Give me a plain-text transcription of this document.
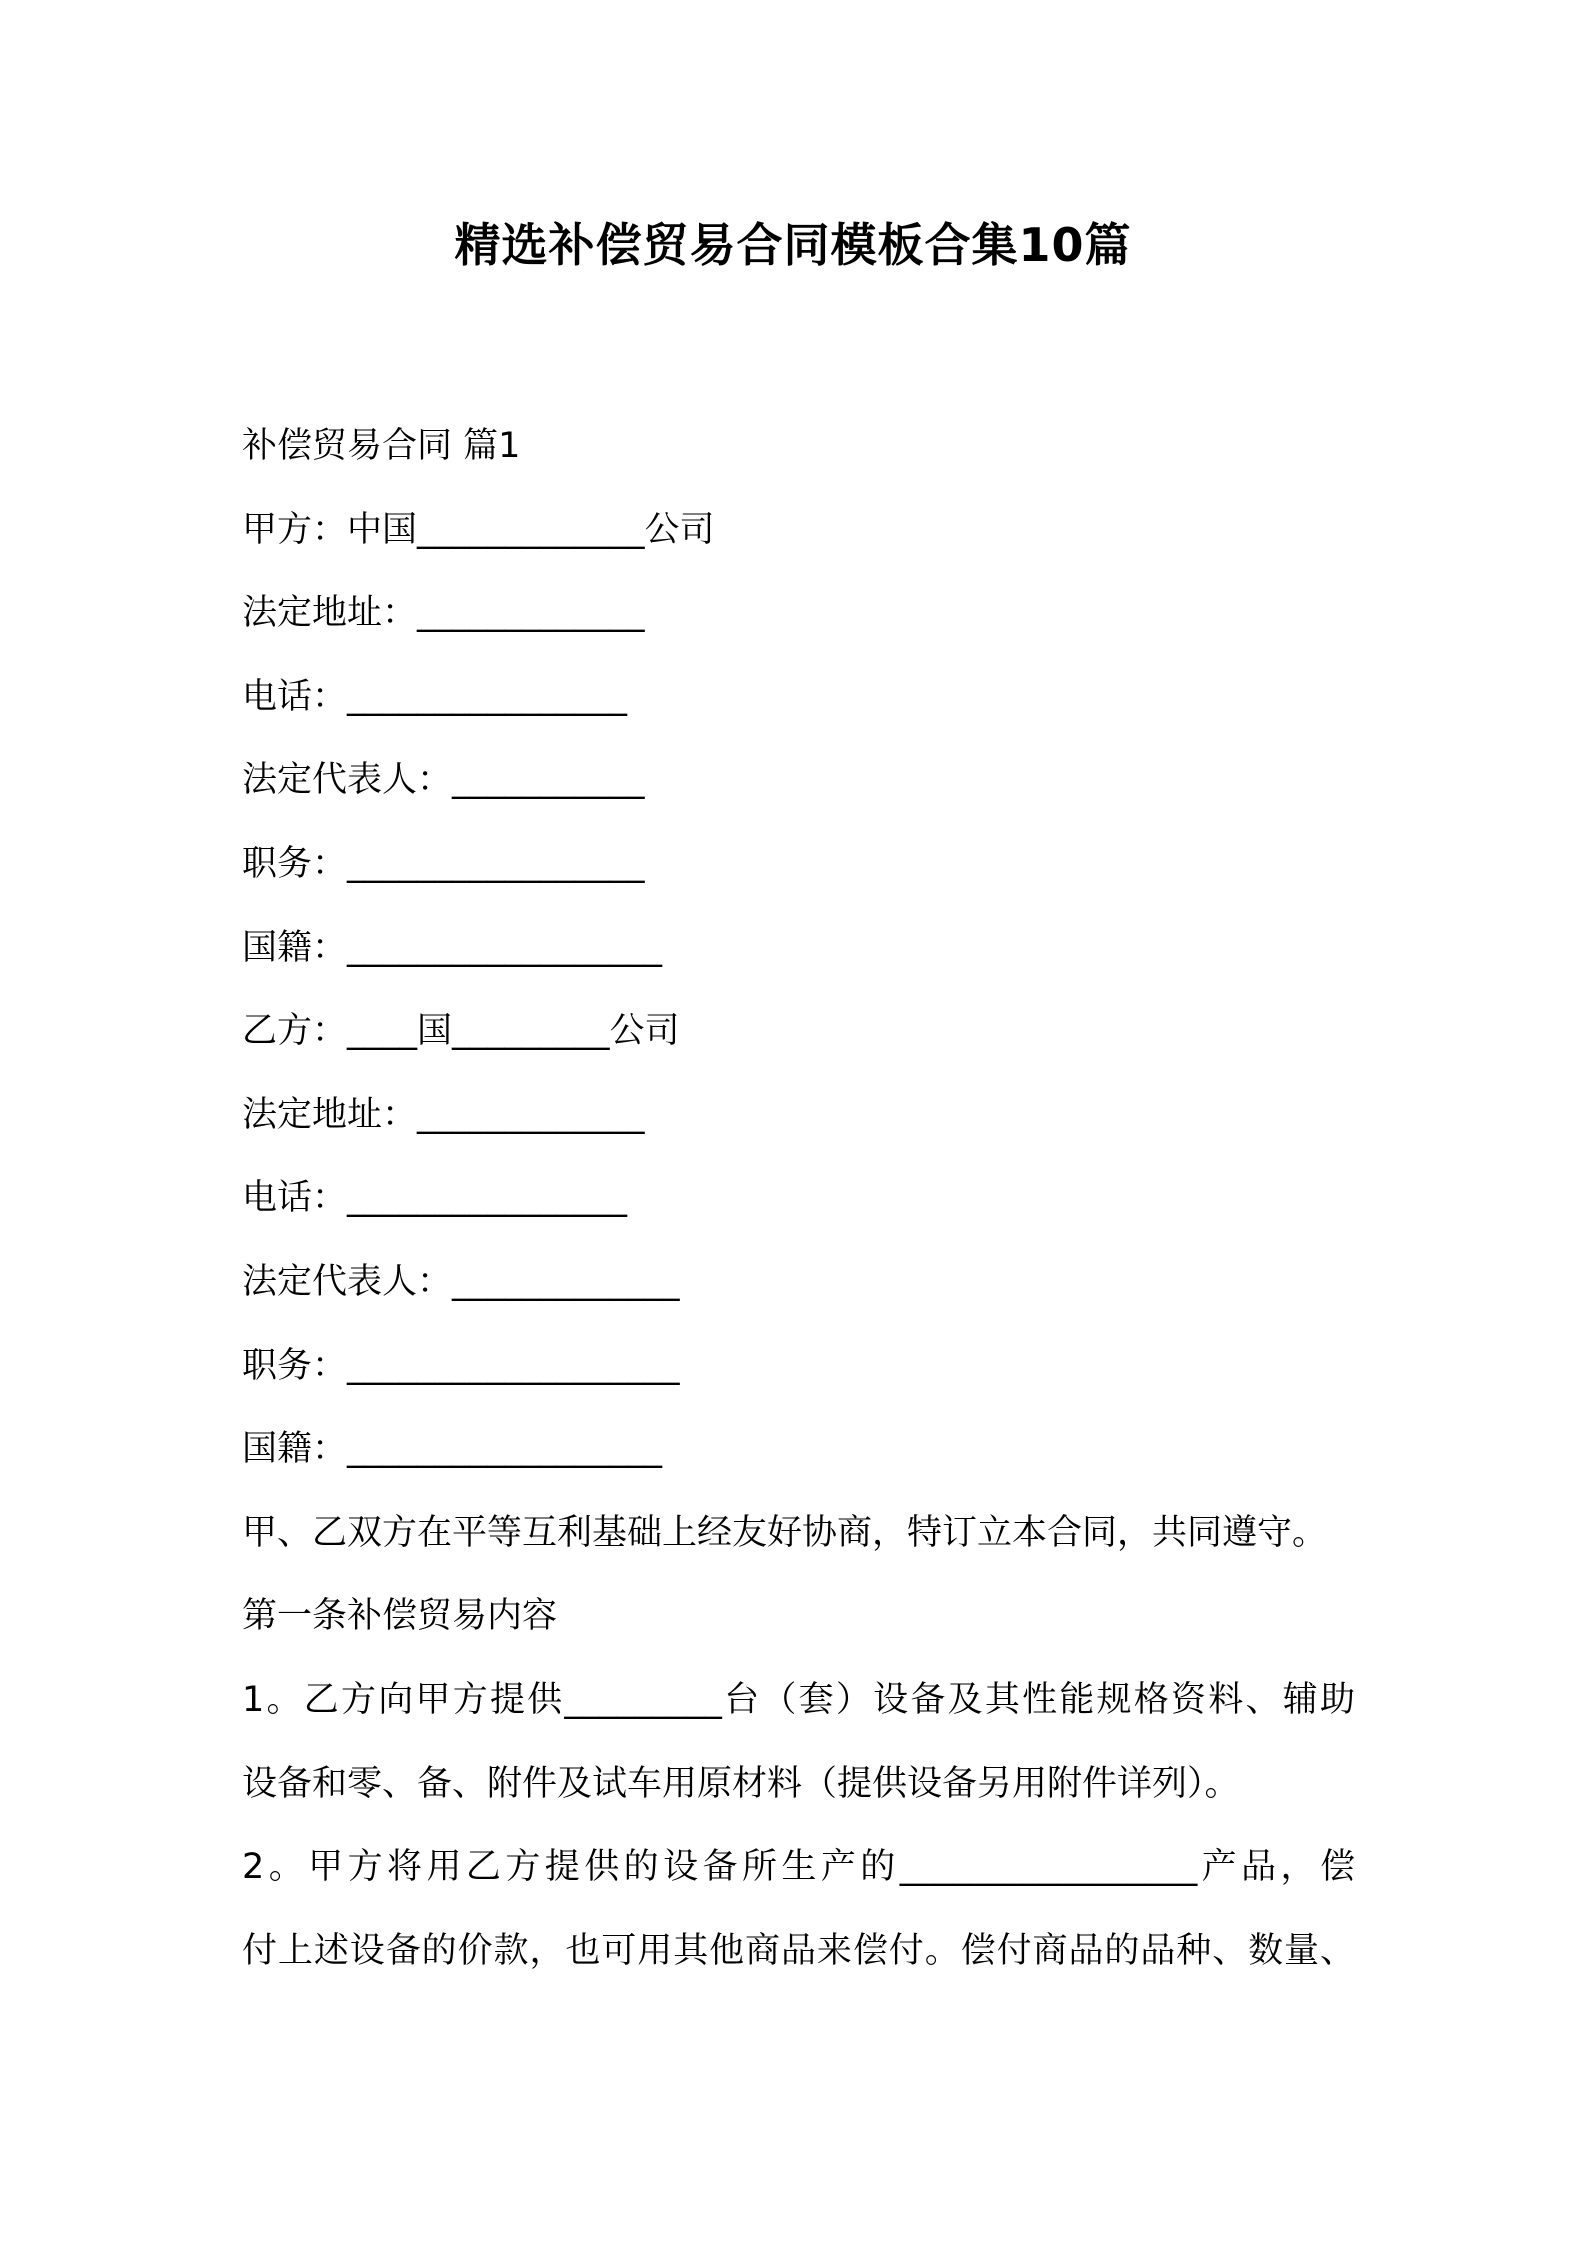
精选补偿贸易合同模板合集10篇
补偿贸易合同 篇1
甲方：中国_____________公司
法定地址：_____________
电话：________________
法定代表人：___________
职务：_________________
国籍：__________________
乙方：____国_________公司
法定地址：_____________
电话：________________
法定代表人：_____________
职务：___________________
国籍：__________________
甲、乙双方在平等互利基础上经友好协商，特订立本合同，共同遵守。
第一条补偿贸易内容
1。乙方向甲方提供_________台（套）设备及其性能规格资料、辅助
设备和零、备、附件及试车用原材料（提供设备另用附件详列）。
2。甲方将用乙方提供的设备所生产的_________________产品，偿
付上述设备的价款，也可用其他商品来偿付。偿付商品的品种、数量、
